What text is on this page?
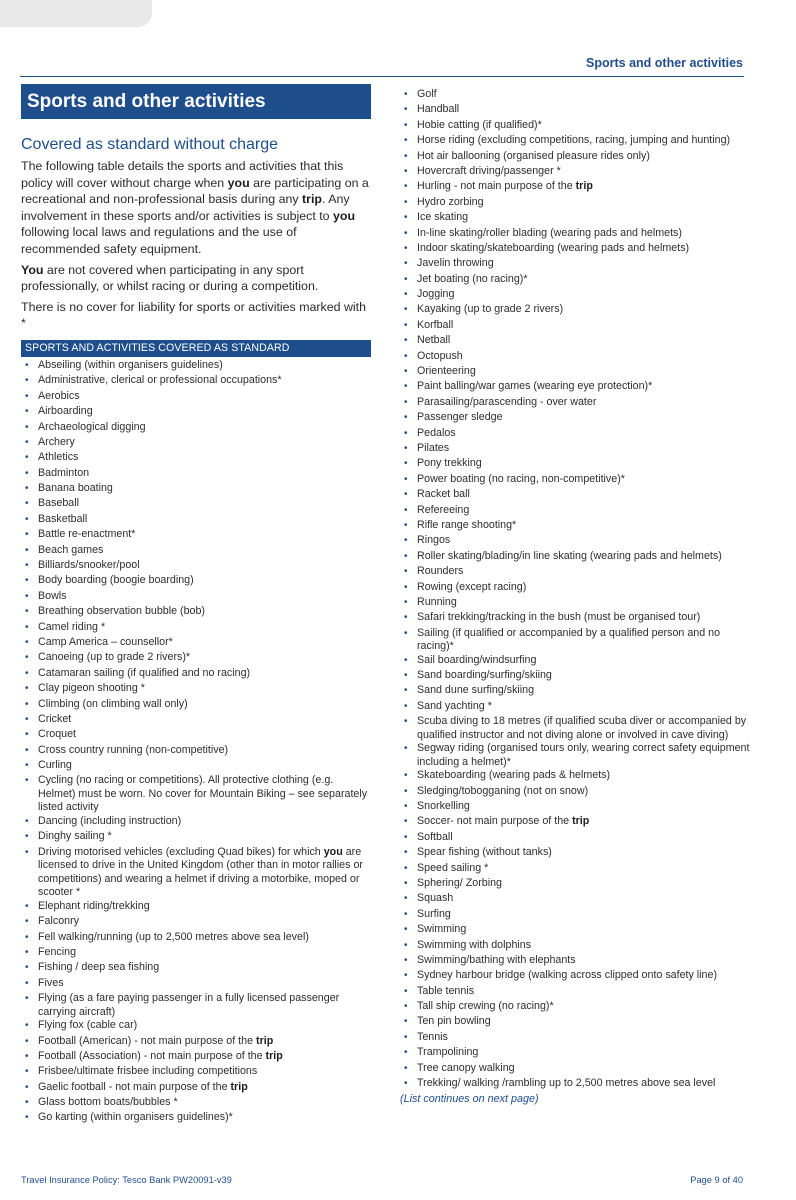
Sports and other activities
Sports and other activities
Covered as standard without charge

The following table details the sports and activities that this policy will cover without charge when you are participating on a recreational and non-professional basis during any trip. Any involvement in these sports and/or activities is subject to you following local laws and regulations and the use of recommended safety equipment.

You are not covered when participating in any sport professionally, or whilst racing or during a competition.

There is no cover for liability for sports or activities marked with *

SPORTS AND ACTIVITIES COVERED AS STANDARD
• Abseiling (within organisers guidelines)
• Administrative, clerical or professional occupations*
• Aerobics
• Airboarding
• Archaeological digging
• Archery
• Athletics
• Badminton
• Banana boating
• Baseball
• Basketball
• Battle re-enactment*
• Beach games
• Billiards/snooker/pool
• Body boarding (boogie boarding)
• Bowls
• Breathing observation bubble (bob)
• Camel riding *
• Camp America – counsellor*
• Canoeing (up to grade 2 rivers)*
• Catamaran sailing (if qualified and no racing)
• Clay pigeon shooting *
• Climbing (on climbing wall only)
• Cricket
• Croquet
• Cross country running (non-competitive)
• Curling
• Cycling (no racing or competitions). All protective clothing (e.g. Helmet) must be worn. No cover for Mountain Biking – see separately listed activity
• Dancing (including instruction)
• Dinghy sailing *
• Driving motorised vehicles (excluding Quad bikes) for which you are licensed to drive in the United Kingdom (other than in motor rallies or competitions) and wearing a helmet if driving a motorbike, moped or scooter *
• Elephant riding/trekking
• Falconry
• Fell walking/running (up to 2,500 metres above sea level)
• Fencing
• Fishing / deep sea fishing
• Fives
• Flying (as a fare paying passenger in a fully licensed passenger carrying aircraft)
• Flying fox (cable car)
• Football (American) - not main purpose of the trip
• Football (Association) - not main purpose of the trip
• Frisbee/ultimate frisbee including competitions
• Gaelic football - not main purpose of the trip
• Glass bottom boats/bubbles *
• Go karting (within organisers guidelines)*
• Golf
• Handball
• Hobie catting (if qualified)*
• Horse riding (excluding competitions, racing, jumping and hunting)
• Hot air ballooning (organised pleasure rides only)
• Hovercraft driving/passenger *
• Hurling - not main purpose of the trip
• Hydro zorbing
• Ice skating
• In-line skating/roller blading (wearing pads and helmets)
• Indoor skating/skateboarding (wearing pads and helmets)
• Javelin throwing
• Jet boating (no racing)*
• Jogging
• Kayaking (up to grade 2 rivers)
• Korfball
• Netball
• Octopush
• Orienteering
• Paint balling/war games (wearing eye protection)*
• Parasailing/parascending - over water
• Passenger sledge
• Pedalos
• Pilates
• Pony trekking
• Power boating (no racing, non-competitive)*
• Racket ball
• Refereeing
• Rifle range shooting*
• Ringos
• Roller skating/blading/in line skating (wearing pads and helmets)
• Rounders
• Rowing (except racing)
• Running
• Safari trekking/tracking in the bush (must be organised tour)
• Sailing (if qualified or accompanied by a qualified person and no racing)*
• Sail boarding/windsurfing
• Sand boarding/surfing/skiing
• Sand dune surfing/skiing
• Sand yachting *
• Scuba diving to 18 metres (if qualified scuba diver or accompanied by qualified instructor and not diving alone or involved in cave diving)
• Segway riding (organised tours only, wearing correct safety equipment including a helmet)*
• Skateboarding (wearing pads & helmets)
• Sledging/tobogganing (not on snow)
• Snorkelling
• Soccer- not main purpose of the trip
• Softball
• Spear fishing (without tanks)
• Speed sailing *
• Sphering/ Zorbing
• Squash
• Surfing
• Swimming
• Swimming with dolphins
• Swimming/bathing with elephants
• Sydney harbour bridge (walking across clipped onto safety line)
• Table tennis
• Tall ship crewing (no racing)*
• Ten pin bowling
• Tennis
• Trampolining
• Tree canopy walking
• Trekking/ walking /rambling up to 2,500 metres above sea level
(List continues on next page)
Travel Insurance Policy: Tesco Bank PW20091-v39	Page 9 of 40
